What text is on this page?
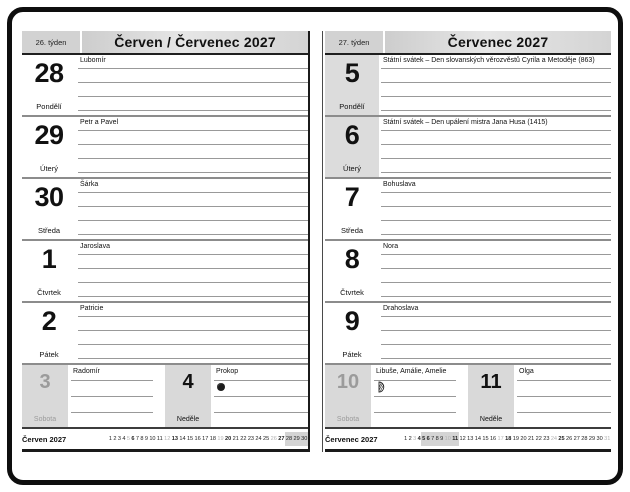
26. týden	Červen / Červenec 2027
28
Pondělí
Lubomír
29
Úterý
Petr a Pavel
30
Středa
Šárka
1
Čtvrtek
Jaroslava
2
Pátek
Patricie
3
Sobota
Radomír	4
Neděle
Prokop
Červen 2027	1 2 3 4 5 6 7 8 9 10 11 12 13 14 15 16 17 18 19 20 21 22 23 24 25 26 27 28 29 30
27. týden	Červenec 2027
5
Pondělí
Státní svátek – Den slovanských věrozvěstů Cyrila a Metoděje (863)
6
Úterý
Státní svátek – Den upálení mistra Jana Husa (1415)
7
Středa
Bohuslava
8
Čtvrtek
Nora
9
Pátek
Drahoslava
10
Sobota
Libuše, Amálie, Amelie	11
Neděle
Olga
Červenec 2027	1 2 3 4 5 6 7 8 9 10 11 12 13 14 15 16 17 18 19 20 21 22 23 24 25 26 27 28 29 30 31
